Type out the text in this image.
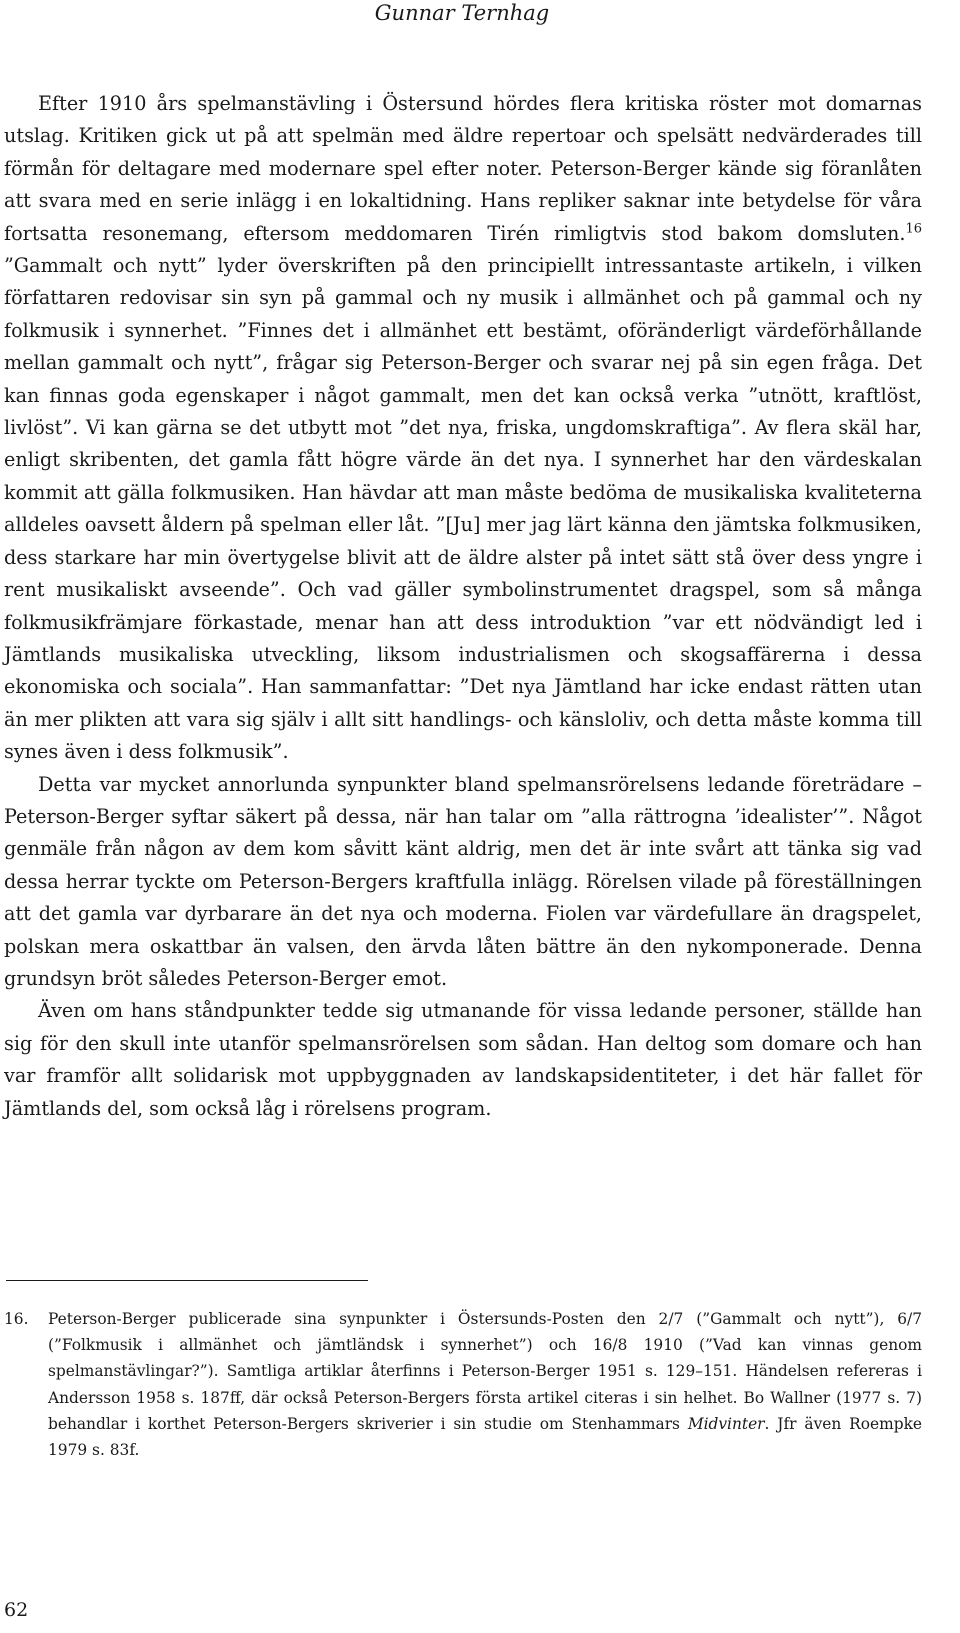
Gunnar Ternhag

Efter 1910 års spelmanstävling i Östersund hördes flera kritiska röster mot domarnas utslag. Kritiken gick ut på att spelmän med äldre repertoar och spelsätt nedvärderades till förmån för deltagare med modernare spel efter noter. Peterson-Berger kände sig föranlåten att svara med en serie inlägg i en lokaltidning. Hans repliker saknar inte betydelse för våra fortsatta resonemang, eftersom meddomaren Tirén rimligtvis stod bakom domsluten.$^{16}$ ”Gammalt och nytt” lyder överskriften på den principiellt intressantaste artikeln, i vilken författaren redovisar sin syn på gammal och ny musik i allmänhet och på gammal och ny folkmusik i synnerhet. ”Finnes det i allmänhet ett bestämt, oföränderligt värdeförhållande mellan gammalt och nytt”, frågar sig Peterson-Berger och svarar nej på sin egen fråga. Det kan finnas goda egenskaper i något gammalt, men det kan också verka ”utnött, kraftlöst, livlöst”. Vi kan gärna se det utbytt mot ”det nya, friska, ungdomskraftiga”. Av flera skäl har, enligt skribenten, det gamla fått högre värde än det nya. I synnerhet har den värdeskalan kommit att gälla folkmusiken. Han hävdar att man måste bedöma de musikaliska kvaliteterna alldeles oavsett åldern på spelman eller låt. ”[Ju] mer jag lärt känna den jämtska folkmusiken, dess starkare har min övertygelse blivit att de äldre alster på intet sätt stå över dess yngre i rent musikaliskt avseende”. Och vad gäller symbolinstrumentet dragspel, som så många folkmusikfrämjare förkastade, menar han att dess introduktion ”var ett nödvändigt led i Jämtlands musikaliska utveckling, liksom industrialismen och skogsaffärerna i dessa ekonomiska och sociala”. Han sammanfattar: ”Det nya Jämtland har icke endast rätten utan än mer plikten att vara sig själv i allt sitt handlings- och känsloliv, och detta måste komma till synes även i dess folkmusik”.

Detta var mycket annorlunda synpunkter bland spelmansrörelsens ledande företrädare – Peterson-Berger syftar säkert på dessa, när han talar om ”alla rättrogna ’idealister’”. Något genmäle från någon av dem kom såvitt känt aldrig, men det är inte svårt att tänka sig vad dessa herrar tyckte om Peterson-Bergers kraftfulla inlägg. Rörelsen vilade på föreställningen att det gamla var dyrbarare än det nya och moderna. Fiolen var värdefullare än dragspelet, polskan mera oskattbar än valsen, den ärvda låten bättre än den nykomponerade. Denna grundsyn bröt således Peterson-Berger emot.

Även om hans ståndpunkter tedde sig utmanande för vissa ledande personer, ställde han sig för den skull inte utanför spelmansrörelsen som sådan. Han deltog som domare och han var framför allt solidarisk mot uppbyggnaden av landskapsidentiteter, i det här fallet för Jämtlands del, som också låg i rörelsens program.

16. Peterson-Berger publicerade sina synpunkter i Östersunds-Posten den 2/7 (”Gammalt och nytt”), 6/7 (”Folkmusik i allmänhet och jämtländsk i synnerhet”) och 16/8 1910 (”Vad kan vinnas genom spelmanstävlingar?”). Samtliga artiklar återfinns i Peterson-Berger 1951 s. 129–151. Händelsen refereras i Andersson 1958 s. 187ff, där också Peterson-Bergers första artikel citeras i sin helhet. Bo Wallner (1977 s. 7) behandlar i korthet Peterson-Bergers skriverier i sin studie om Stenhammars Midvinter. Jfr även Roempke 1979 s. 83f.
62
